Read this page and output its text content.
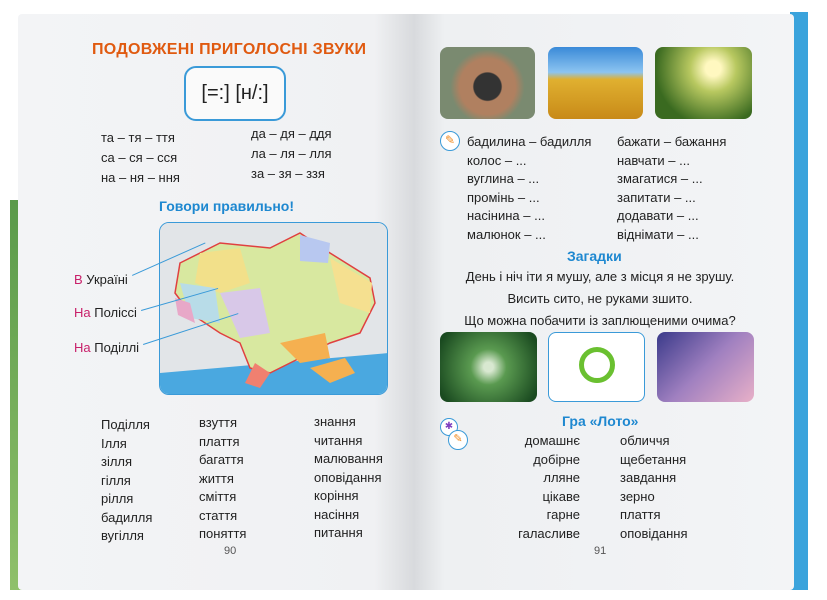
ПОДОВЖЕНІ ПРИГОЛОСНІ ЗВУКИ
[=:] [н/:]
та – тя – ття
са – ся – сся
на – ня – ння
да – дя – ддя
ла – ля – лля
за – зя – ззя
Говори правильно!
В Україні
На Поліссі
На Поділлі
Поділля
Ілля
зілля
гілля
рілля
бадилля
вугілля
взуття
плаття
багаття
життя
сміття
стаття
поняття
знання
читання
малювання
оповідання
коріння
насіння
питання
90
✎ бадилина – бадилля
колос – ...
вуглина – ...
промінь – ...
насінина – ...
малюнок – ...
бажати – бажання
навчати – ...
змагатися – ...
запитати – ...
додавати – ...
віднімати – ...
Загадки
День і ніч іти я мушу, але з місця я не зрушу.
Висить сито, не руками зшито.
Що можна побачити із заплющеними очима?
✱
✎
Гра «Лото»
домашнє
добірне
лляне
цікаве
гарне
галасливе
обличчя
щебетання
завдання
зерно
плаття
оповідання
91
